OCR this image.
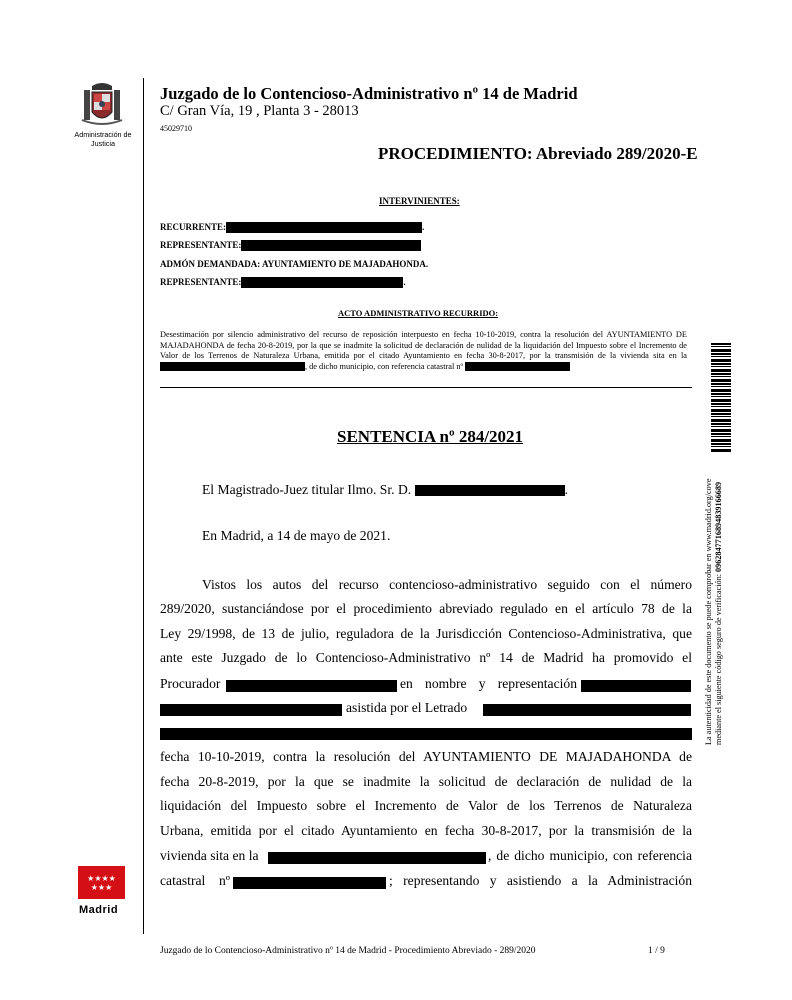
Administración de Justicia
Juzgado de lo Contencioso-Administrativo nº 14 de Madrid
C/ Gran Vía, 19 , Planta 3 - 28013
45029710
PROCEDIMIENTO: Abreviado 289/2020-E
INTERVINIENTES:
RECURRENTE:	.
REPRESENTANTE:
ADMÓN DEMANDADA: AYUNTAMIENTO DE MAJADAHONDA.
REPRESENTANTE:	.
ACTO ADMINISTRATIVO RECURRIDO:
Desestimación por silencio administrativo del recurso de reposición interpuesto en fecha 10-10-2019, contra la resolución del AYUNTAMIENTO DE MAJADAHONDA de fecha 20-8-2019, por la que se inadmite la solicitud de declaración de nulidad de la liquidación del Impuesto sobre el Incremento de Valor de los Terrenos de Naturaleza Urbana, emitida por el citado Ayuntamiento en fecha 30-8-2017, por la transmisión de la vivienda sita en la , de dicho municipio, con referencia catastral nº
SENTENCIA nº 284/2021
El Magistrado-Juez titular Ilmo. Sr. D.	.
En Madrid, a 14 de mayo de 2021.
Vistos los autos del recurso contencioso-administrativo seguido con el número
289/2020, sustanciándose por el procedimiento abreviado regulado en el artículo 78 de la
Ley 29/1998, de 13 de julio, reguladora de la Jurisdicción Contencioso-Administrativa, que
ante este Juzgado de lo Contencioso-Administrativo nº 14 de Madrid ha promovido el
Procurador	en nombre y representación
asistida por el Letrado
fecha 10-10-2019, contra la resolución del AYUNTAMIENTO DE MAJADAHONDA de
fecha 20-8-2019, por la que se inadmite la solicitud de declaración de nulidad de la
liquidación del Impuesto sobre el Incremento de Valor de los Terrenos de Naturaleza
Urbana, emitida por el citado Ayuntamiento en fecha 30-8-2017, por la transmisión de la
vivienda sita en la	, de dicho municipio, con referencia
catastral nº	; representando y asistiendo a la Administración
La autenticidad de este documento se puede comprobar en www.madrid.org/cove mediante el siguiente código seguro de verificación: 0962847716894839166689
★★★★
★★★
Madrid
Juzgado de lo Contencioso-Administrativo nº 14 de Madrid - Procedimiento Abreviado - 289/2020	1 / 9
